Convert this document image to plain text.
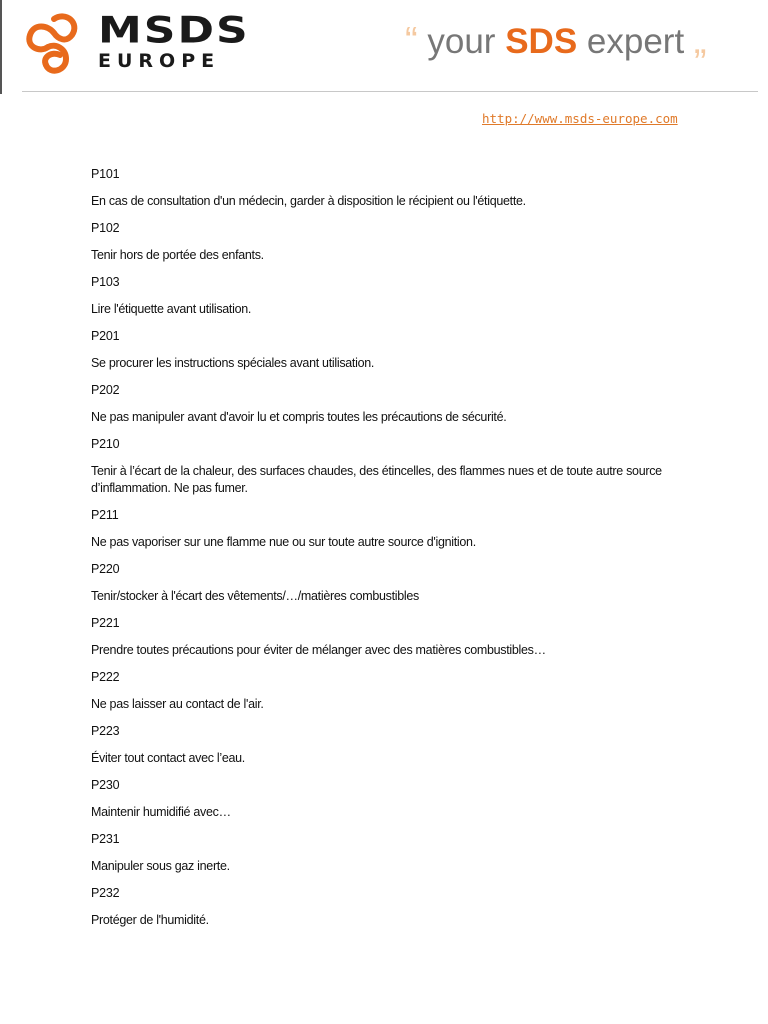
MSDS
EUROPE	“ your SDS expert „
http://www.msds-europe.com
P101
En cas de consultation d'un médecin, garder à disposition le récipient ou l'étiquette.
P102
Tenir hors de portée des enfants.
P103
Lire l'étiquette avant utilisation.
P201
Se procurer les instructions spéciales avant utilisation.
P202
Ne pas manipuler avant d'avoir lu et compris toutes les précautions de sécurité.
P210
Tenir à l’écart de la chaleur, des surfaces chaudes, des étincelles, des flammes nues et de toute autre source d’inflammation. Ne pas fumer.
P211
Ne pas vaporiser sur une flamme nue ou sur toute autre source d'ignition.
P220
Tenir/stocker à l'écart des vêtements/…/matières combustibles
P221
Prendre toutes précautions pour éviter de mélanger avec des matières combustibles…
P222
Ne pas laisser au contact de l'air.
P223
Éviter tout contact avec l’eau.
P230
Maintenir humidifié avec…
P231
Manipuler sous gaz inerte.
P232
Protéger de l'humidité.
